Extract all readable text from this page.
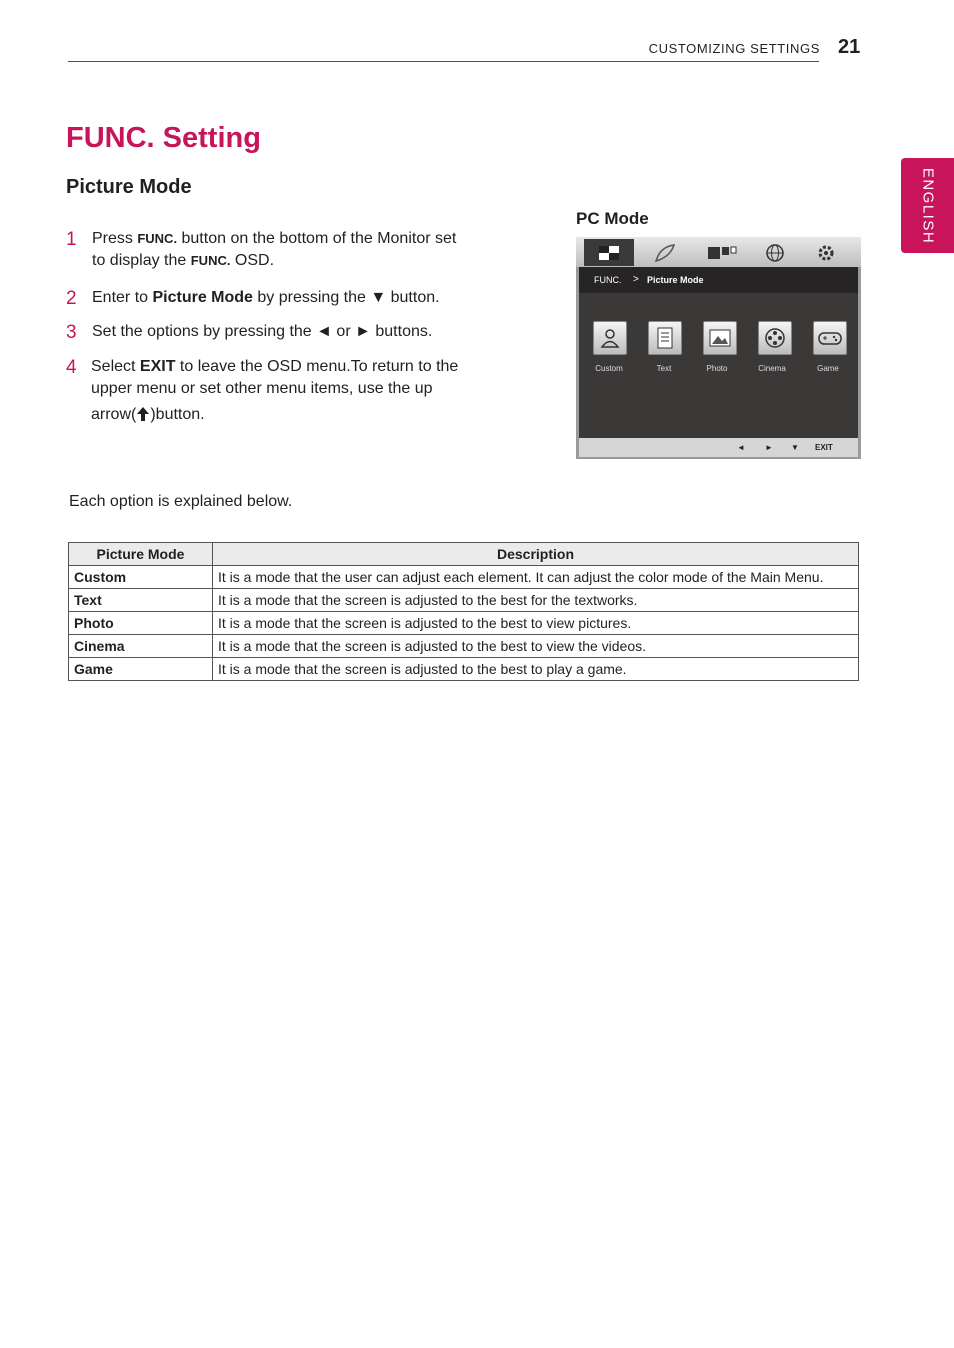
CUSTOMIZING SETTINGS 21
ENGLISH
FUNC. Setting
Picture Mode
1 Press FUNC. button on the bottom of the Monitor set
to display the FUNC. OSD.
2 Enter to Picture Mode by pressing the ▼ button.
3 Set the options by pressing the ◄ or ► buttons.
4 Select EXIT to leave the OSD menu.To return to the
upper menu or set other menu items, use the up
arrow( )button.
PC Mode
FUNC. > Picture Mode
Custom	Text	Photo	Cinema	Game
◄	► ▼ EXIT
Each option is explained below.
Picture Mode	Description
Custom	It is a mode that the user can adjust each element. It can adjust the color mode of the Main Menu.
Text	It is a mode that the screen is adjusted to the best for the textworks.
Photo	It is a mode that the screen is adjusted to the best to view pictures.
Cinema	It is a mode that the screen is adjusted to the best to view the videos.
Game	It is a mode that the screen is adjusted to the best to play a game.
